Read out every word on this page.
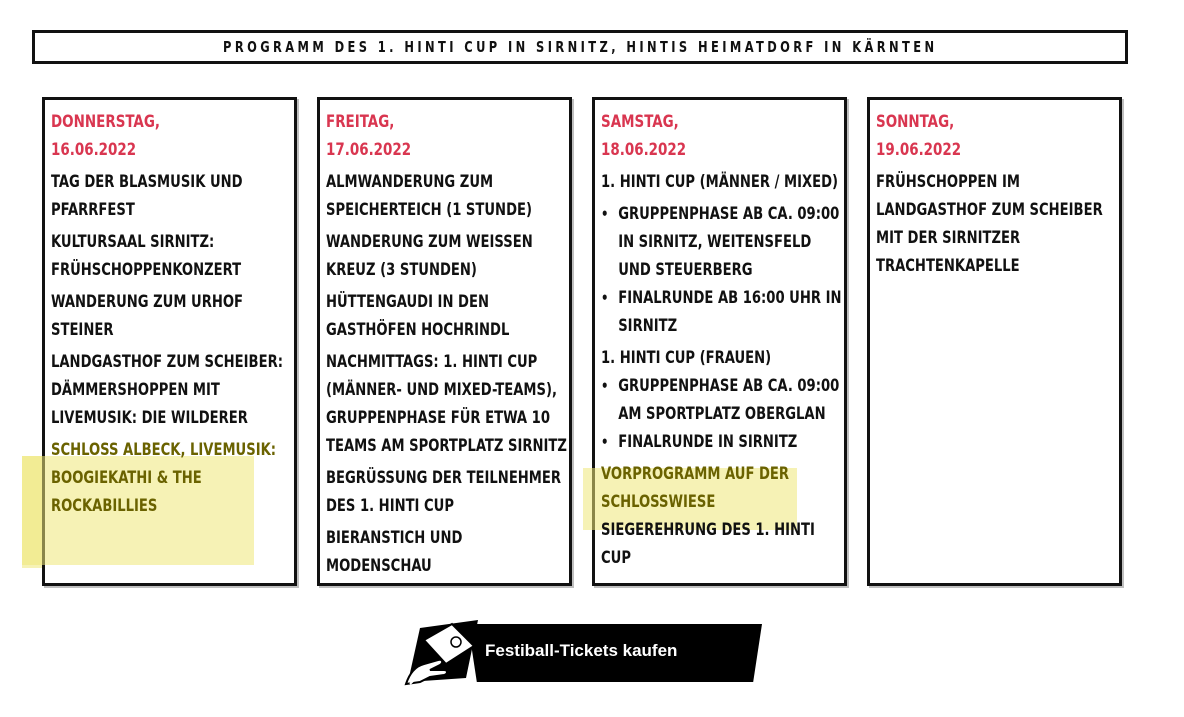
PROGRAMM DES 1. HINTI CUP IN SIRNITZ, HINTIS HEIMATDORF IN KÄRNTEN
DONNERSTAG,
16.06.2022
TAG DER BLASMUSIK UND PFARRFEST
KULTURSAAL SIRNITZ: FRÜHSCHOPPENKONZERT
WANDERUNG ZUM URHOF STEINER
LANDGASTHOF ZUM SCHEIBER: DÄMMERSHOPPEN MIT LIVEMUSIK: DIE WILDERER
SCHLOSS ALBECK, LIVEMUSIK: BOOGIEKATHI & THE ROCKABILLIES
FREITAG,
17.06.2022
ALMWANDERUNG ZUM SPEICHERTEICH (1 STUNDE)
WANDERUNG ZUM WEISSEN KREUZ (3 STUNDEN)
HÜTTENGAUDI IN DEN GASTHÖFEN HOCHRINDL
NACHMITTAGS: 1. HINTI CUP (MÄNNER- UND MIXED-TEAMS), GRUPPENPHASE FÜR ETWA 10 TEAMS AM SPORTPLATZ SIRNITZ
BEGRÜSSUNG DER TEILNEHMER DES 1. HINTI CUP
BIERANSTICH UND MODENSCHAU
SAMSTAG,
18.06.2022
1. HINTI CUP (MÄNNER / MIXED)
• GRUPPENPHASE AB CA. 09:00 IN SIRNITZ, WEITENSFELD UND STEUERBERG
• FINALRUNDE AB 16:00 UHR IN SIRNITZ
1. HINTI CUP (FRAUEN)
• GRUPPENPHASE AB CA. 09:00 AM SPORTPLATZ OBERGLAN
• FINALRUNDE IN SIRNITZ
VORPROGRAMM AUF DER SCHLOSSWIESE
SIEGEREHRUNG DES 1. HINTI CUP
SONNTAG,
19.06.2022
FRÜHSCHOPPEN IM LANDGASTHOF ZUM SCHEIBER MIT DER SIRNITZER TRACHTENKAPELLE
Festiball-Tickets kaufen
